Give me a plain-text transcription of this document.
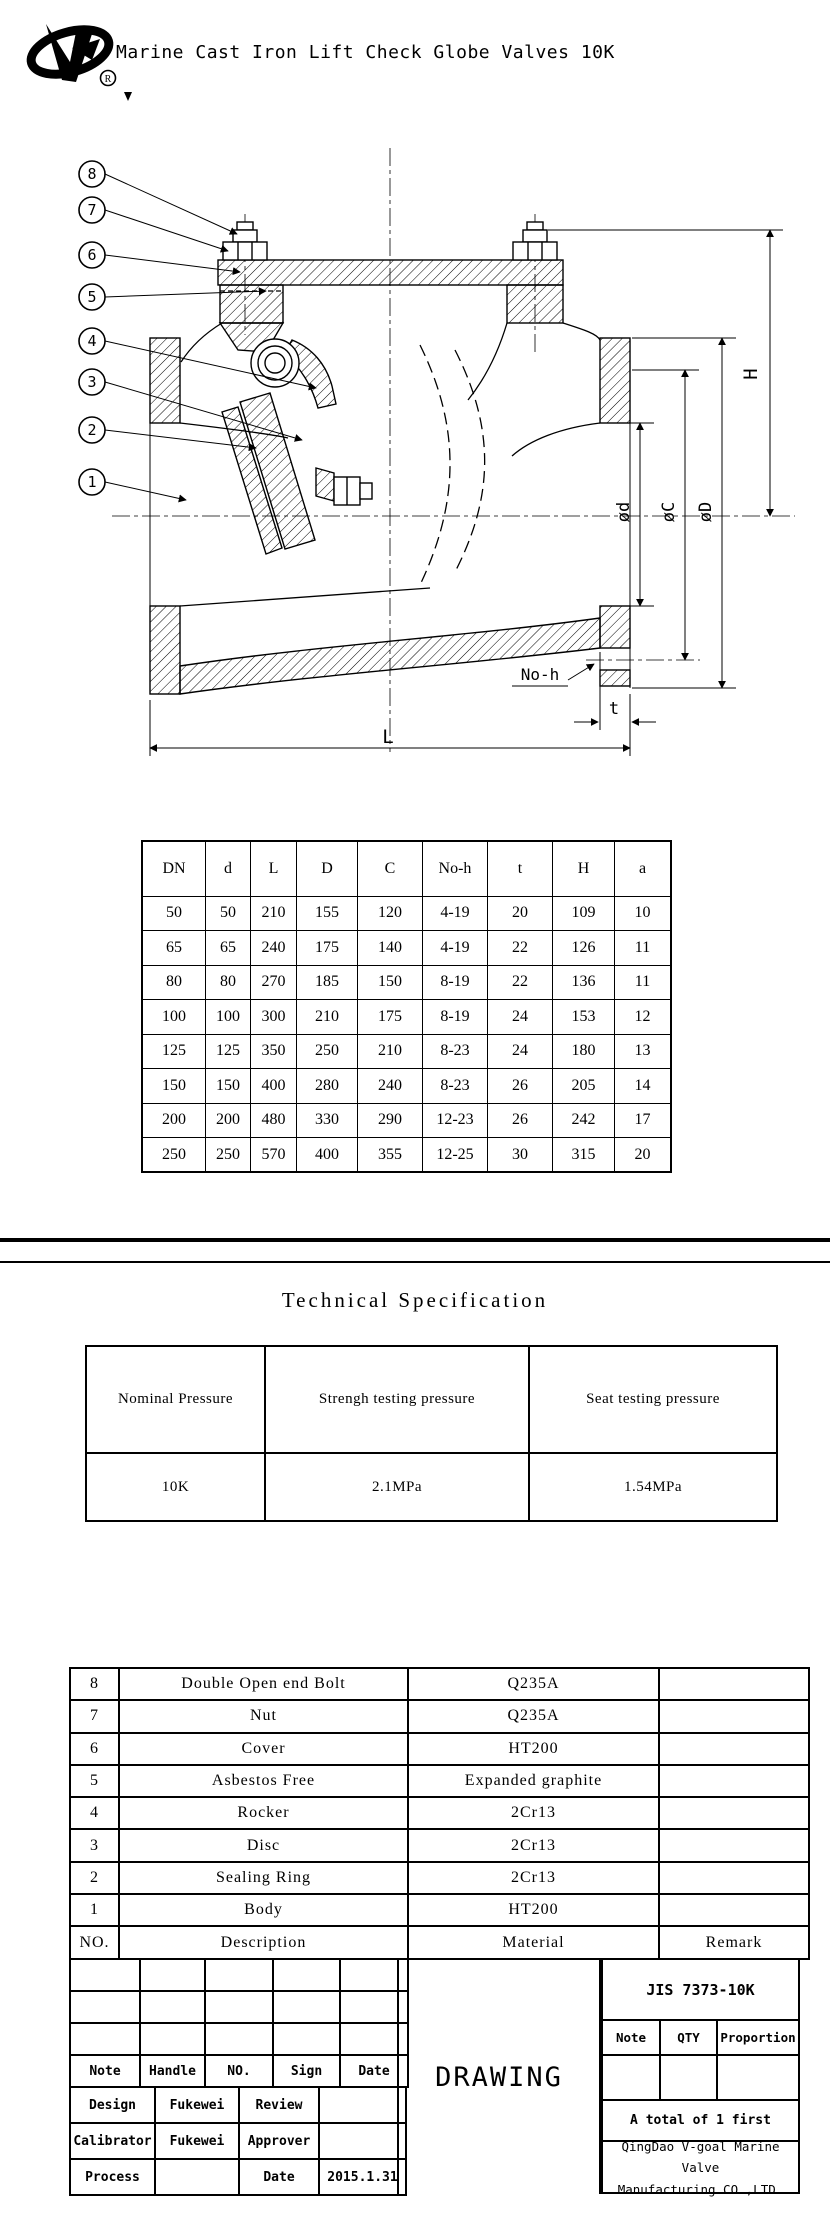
R
Marine Cast Iron Lift Check Globe Valves 10K
8
7
6
5
4
3
2
1
H
ød øC øD
No-h
t
L
DN	d	L	D	C	No-h	t	H	a
50	50	210	155	120	4-19	20	109	10
65	65	240	175	140	4-19	22	126	11
80	80	270	185	150	8-19	22	136	11
100	100	300	210	175	8-19	24	153	12
125	125	350	250	210	8-23	24	180	13
150	150	400	280	240	8-23	26	205	14
200	200	480	330	290	12-23	26	242	17
250	250	570	400	355	12-25	30	315	20
Technical Specification
Nominal Pressure	Strengh testing pressure	Seat testing pressure
10K	2.1MPa	1.54MPa
8	Double Open end Bolt	Q235A	
7	Nut	Q235A	
6	Cover	HT200	
5	Asbestos Free	Expanded graphite	
4	Rocker	2Cr13	
3	Disc	2Cr13	
2	Sealing Ring	2Cr13	
1	Body	HT200	
NO.	Description	Material	Remark

Note	Handle	NO.	Sign	Date
Design	Fukewei	Review	
Calibrator	Fukewei	Approver	
Process		Date	2015.1.31
DRAWING
JIS 7373-10K
Note	QTY	Proportion
A total of 1 first
QingDao V-goal Marine Valve
Manufacturing CO.,LTD.
